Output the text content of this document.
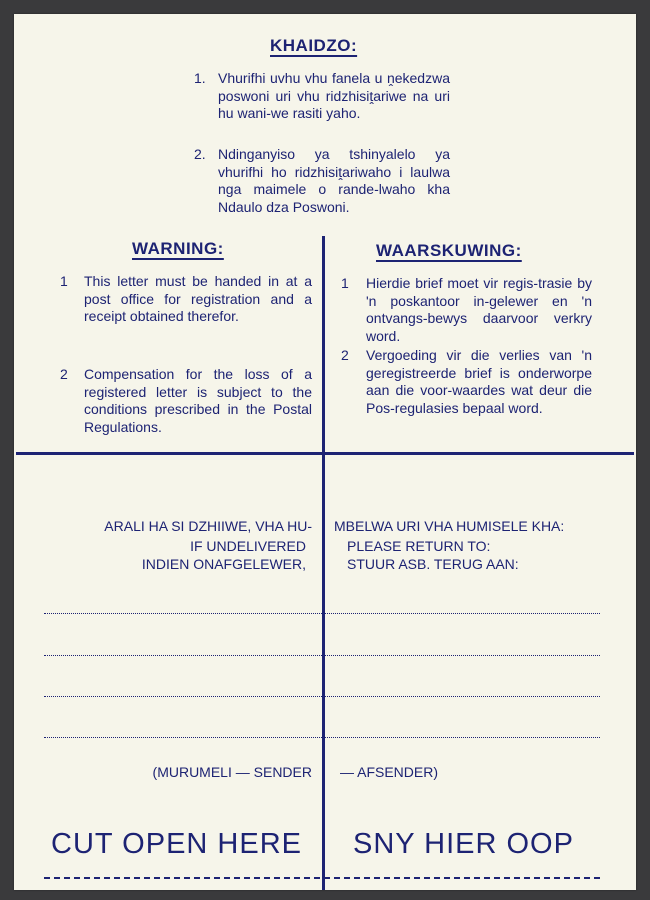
KHAIDZO:
1. Vhurifhi uvhu vhu fanela u ṋekedzwa poswoni uri vhu ridzhisiṱariwe na uri hu wani-we rasiti yaho.

2. Ndinganyiso ya tshinyalelo ya vhurifhi ho ridzhisiṱariwaho i laulwa nga maimele o rande-lwaho kha Ndaulo dza Poswoni.

WARNING:
1 This letter must be handed in at a post office for registration and a receipt obtained therefor.

2 Compensation for the loss of a registered letter is subject to the conditions prescribed in the Postal Regulations.

WAARSKUWING:
1 Hierdie brief moet vir regis-trasie by 'n poskantoor in-gelewer en 'n ontvangs-bewys daarvoor verkry word.

2 Vergoeding vir die verlies van 'n geregistreerde brief is onderworpe aan die voor-waardes wat deur die Pos-regulasies bepaal word.

ARALI HA SI DZHIIWE, VHA HU- MBELWA URI VHA HUMISELE KHA:
IF UNDELIVERED	PLEASE RETURN TO:
INDIEN ONAFGELEWER,	STUUR ASB. TERUG AAN:
(MURUMELI — SENDER — AFSENDER)
CUT OPEN HERE SNY HIER OOP
